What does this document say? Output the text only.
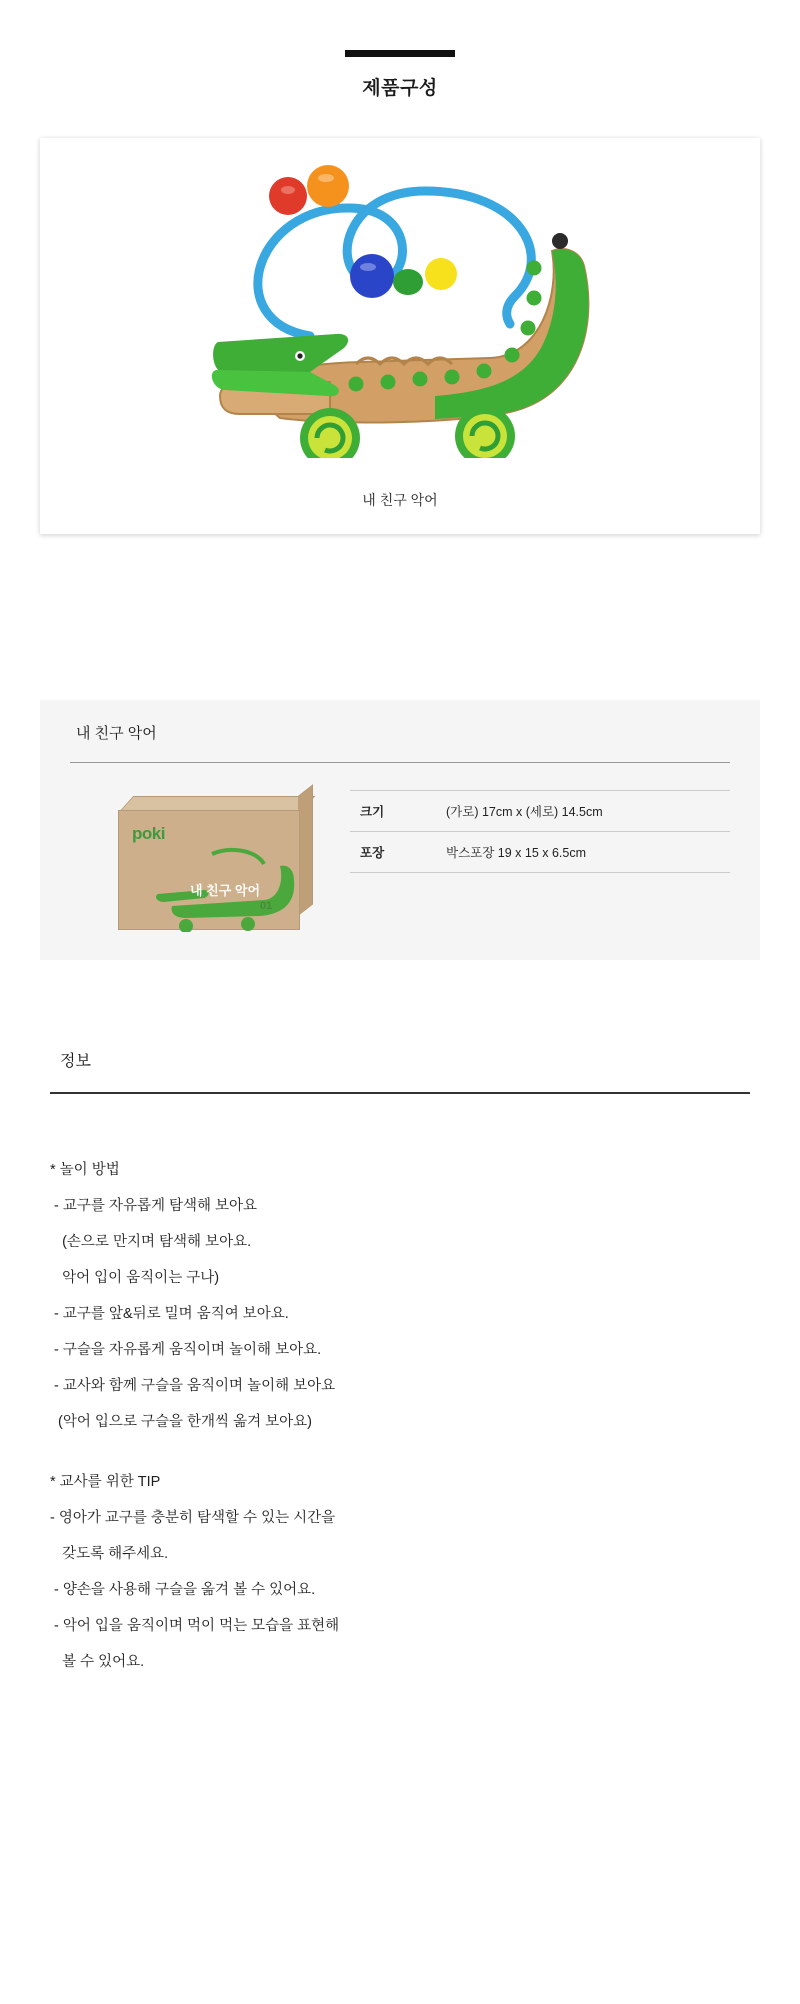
제품구성
내 친구 악어
내 친구 악어
poki
내 친구 악어
01
크기	(가로) 17cm x (세로) 14.5cm
포장	박스포장 19 x 15 x 6.5cm
정보
* 놀이 방법
- 교구를 자유롭게 탐색해 보아요
(손으로 만지며 탐색해 보아요.
악어 입이 움직이는 구나)
- 교구를 앞&뒤로 밀며 움직여 보아요.
- 구슬을 자유롭게 움직이며 놀이해 보아요.
- 교사와 함께 구슬을 움직이며 놀이해 보아요
(악어 입으로 구슬을 한개씩 옮겨 보아요)
* 교사를 위한 TIP
- 영아가 교구를 충분히 탐색할 수 있는 시간을
갖도록 해주세요.
- 양손을 사용해 구슬을 옮겨 볼 수 있어요.
- 악어 입을 움직이며 먹이 먹는 모습을 표현해
볼 수 있어요.
